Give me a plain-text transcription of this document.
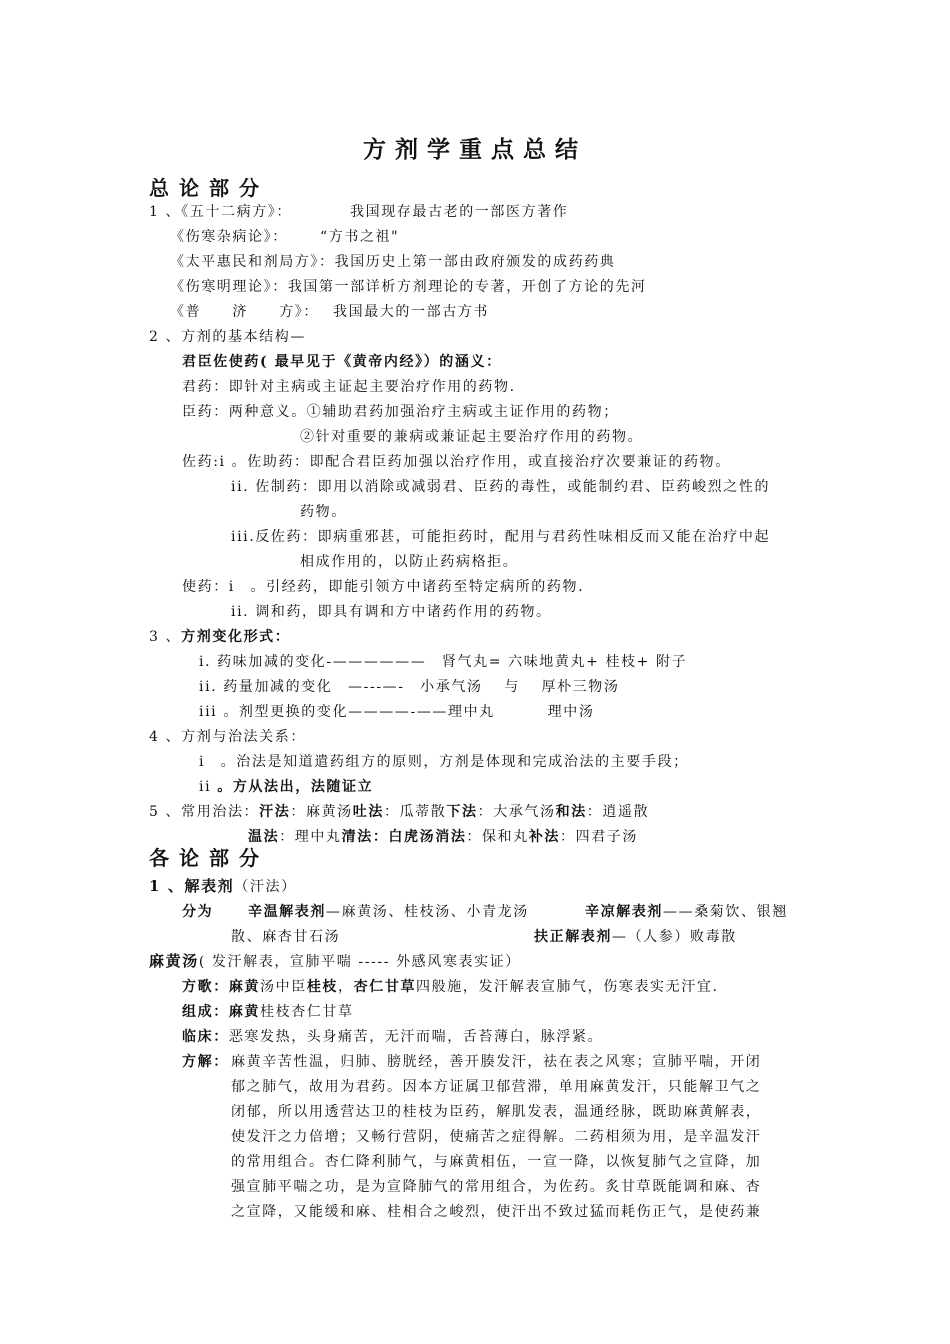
方剂学重点总结
总论部分
1 、《五十二病方》：	我国现存最古老的一部医方著作
《伤寒杂病论》： “方书之祖"
《太平惠民和剂局方》：我国历史上第一部由政府颁发的成药药典
《伤寒明理论》：我国第一部详析方剂理论的专著，开创了方论的先河
《普　　济　　方》： 我国最大的一部古方书
2 、方剂的基本结构—
君臣佐使药( 最早见于《黄帝内经》）的涵义：
君药：即针对主病或主证起主要治疗作用的药物.
臣药：两种意义。①辅助君药加强治疗主病或主证作用的药物；
②针对重要的兼病或兼证起主要治疗作用的药物。
佐药:i 。佐助药：即配合君臣药加强以治疗作用，或直接治疗次要兼证的药物。
ii. 佐制药：即用以消除或减弱君、臣药的毒性，或能制约君、臣药峻烈之性的
药物。
iii.反佐药：即病重邪甚，可能拒药时，配用与君药性味相反而又能在治疗中起
相成作用的，以防止药病格拒。
使药：i　。引经药，即能引领方中诸药至特定病所的药物.
ii. 调和药，即具有调和方中诸药作用的药物。
3 、方剂变化形式：
i. 药味加减的变化-——————　肾气丸= 六味地黄丸+ 桂枝+ 附子
ii. 药量加减的变化　—---—-　小承气汤　 与　 厚朴三物汤
iii 。剂型更换的变化————-——理中丸　　　 理中汤
4 、方剂与治法关系：
i　。治法是知道遣药组方的原则，方剂是体现和完成治法的主要手段；
ii 。方从法出，法随证立
5 、常用治法：汗法：麻黄汤吐法：瓜蒂散下法：大承气汤和法：逍遥散
温法：理中丸清法：白虎汤消法：保和丸补法：四君子汤
各论部分
1 、解表剂（汗法）
分为 辛温解表剂—麻黄汤、桂枝汤、小青龙汤	辛凉解表剂——桑菊饮、银翘
散、麻杏甘石汤	扶正解表剂—（人参）败毒散
麻黄汤( 发汗解表，宣肺平喘 ----- 外感风寒表实证）
方歌：麻黄汤中臣桂枝，杏仁甘草四般施，发汗解表宣肺气，伤寒表实无汗宜.
组成：麻黄桂枝杏仁甘草
临床：恶寒发热，头身痛苦，无汗而喘，舌苔薄白，脉浮紧。
方解： 麻黄辛苦性温，归肺、膀胱经，善开腠发汗，祛在表之风寒；宣肺平喘，开闭
郁之肺气，故用为君药。因本方证属卫郁营滞，单用麻黄发汗，只能解卫气之
闭郁，所以用透营达卫的桂枝为臣药，解肌发表，温通经脉，既助麻黄解表，
使发汗之力倍增；又畅行营阴，使痛苦之症得解。二药相须为用，是辛温发汗
的常用组合。杏仁降利肺气，与麻黄相伍，一宣一降，以恢复肺气之宣降，加
强宣肺平喘之功，是为宣降肺气的常用组合，为佐药。炙甘草既能调和麻、杏
之宣降，又能缓和麻、桂相合之峻烈，使汗出不致过猛而耗伤正气，是使药兼
